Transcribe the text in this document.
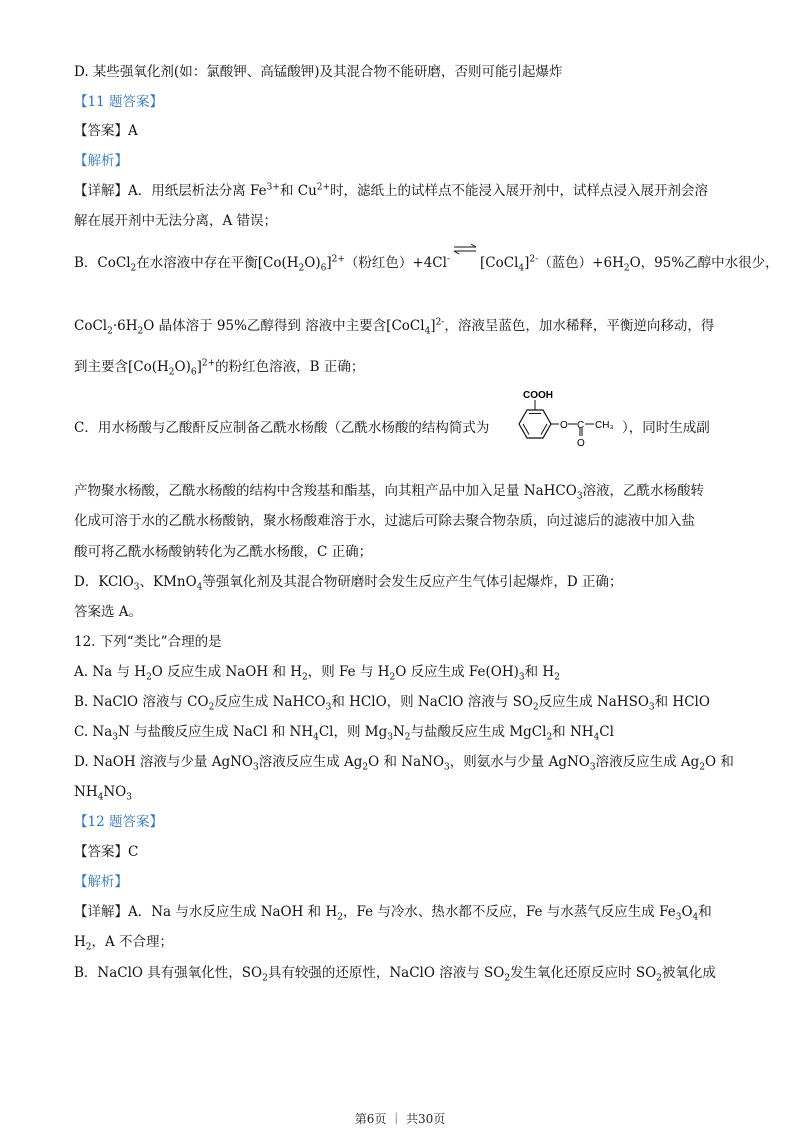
D. 某些强氧化剂(如：氯酸钾、高锰酸钾)及其混合物不能研磨，否则可能引起爆炸
【11 题答案】
【答案】A
【解析】
【详解】A．用纸层析法分离 $Fe^{3+}$和 $Cu^{2+}$时，滤纸上的试样点不能浸入展开剂中，试样点浸入展开剂会溶
解在展开剂中无法分离，A 错误；
B．CoCl$_2$在水溶液中存在平衡$[Co(H_2O)_6]^{2+}$（粉红色）+4Cl-⇌[CoCl$_4$]$^{2-}$（蓝色）$+6H_2O$，95%乙醇中水很少，
$CoCl_2\cdot 6H_2O$ 晶体溶于 95%乙醇得到 溶液中主要含[CoCl$_4$]$^{2-}$，溶液呈蓝色，加水稀释，平衡逆向移动，得
到主要含$[Co(H_2O)_6]^{2+}$的粉红色溶液，B 正确；
C．用水杨酸与乙酸酐反应制备乙酰水杨酸（乙酰水杨酸的结构简式为	），同时生成副
COOH
O C CH₃
O
产物聚水杨酸，乙酰水杨酸的结构中含羧基和酯基，向其粗产品中加入足量 NaHCO$_3$溶液，乙酰水杨酸转
化成可溶于水的乙酰水杨酸钠，聚水杨酸难溶于水，过滤后可除去聚合物杂质，向过滤后的滤液中加入盐
酸可将乙酰水杨酸钠转化为乙酰水杨酸，C 正确；
D．KClO$_3$、KMnO$_4$等强氧化剂及其混合物研磨时会发生反应产生气体引起爆炸，D 正确；
答案选 A。
12. 下列“类比”合理的是
A. Na 与 $H_2O$ 反应生成 NaOH 和 $H_2$，则 Fe 与 $H_2O$ 反应生成 $Fe(OH)_3$和 $H_2$
B. NaClO 溶液与 $CO_2$反应生成 NaHCO$_3$和 HClO，则 NaClO 溶液与 $SO_2$反应生成 NaHSO$_3$和 HClO
C. $Na_3N$ 与盐酸反应生成 NaCl 和 $NH_4Cl$，则 $Mg_3N_2$与盐酸反应生成 MgCl$_2$和 $NH_4Cl$
D. NaOH 溶液与少量 AgNO$_3$溶液反应生成 $Ag_2O$ 和 NaNO$_3$，则氨水与少量 AgNO$_3$溶液反应生成 $Ag_2O$ 和
$NH_4NO_3$
【12 题答案】
【答案】C
【解析】
【详解】A．Na 与水反应生成 NaOH 和 $H_2$，Fe 与冷水、热水都不反应，Fe 与水蒸气反应生成 $Fe_3O_4$和
$H_2$，A 不合理；
B．NaClO 具有强氧化性，$SO_2$具有较强的还原性，NaClO 溶液与 $SO_2$发生氧化还原反应时 $SO_2$被氧化成
第6页 ｜ 共30页
